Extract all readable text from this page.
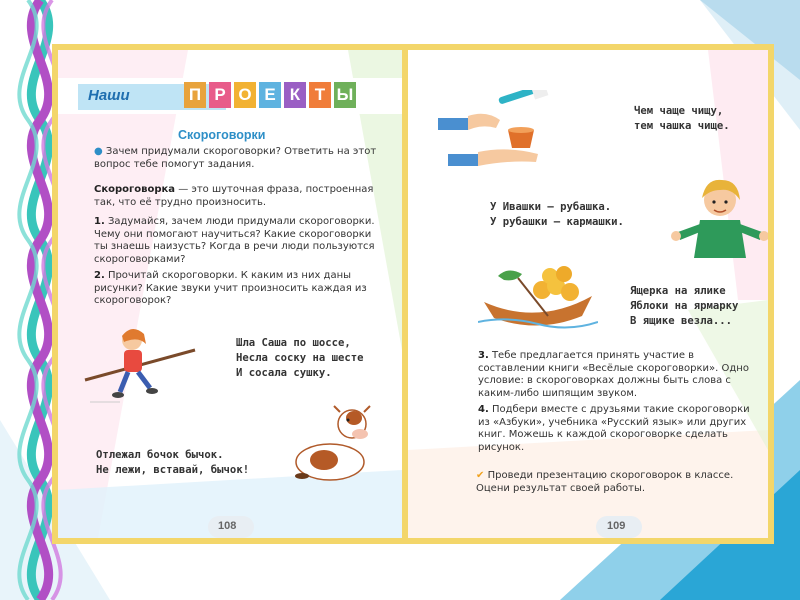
Наши	П Р О Е К Т Ы
Скороговорки

● Зачем придумали скороговорки? Ответить на этот вопрос тебе помогут задания.

Скороговорка — это шуточная фраза, построенная так, что её трудно произносить.

1. Задумайся, зачем люди придумали скороговорки. Чему они помогают научиться? Какие скороговорки ты знаешь наизусть? Когда в речи люди пользуются скороговорками?

2. Прочитай скороговорки. К каким из них даны рисунки? Какие звуки учит произносить каждая из скороговорок?

Шла Саша по шоссе,
Несла соску на шесте
И сосала сушку.
Отлежал бочок бычок.
Не лежи, вставай, бычок!
108
Чем чаще чищу,
тем чашка чище.
У Ивашки — рубашка.
У рубашки — кармашки.
Ящерка на ялике
Яблоки на ярмарку
В ящике везла...

3. Тебе предлагается принять участие в составлении книги «Весёлые скороговорки». Одно условие: в скороговорках должны быть слова с каким-либо шипящим звуком.

4. Подбери вместе с друзьями такие скороговорки из «Азбуки», учебника «Русский язык» или других книг. Можешь к каждой скороговорке сделать рисунок.

✔ Проведи презентацию скороговорок в классе. Оцени результат своей работы.

109
